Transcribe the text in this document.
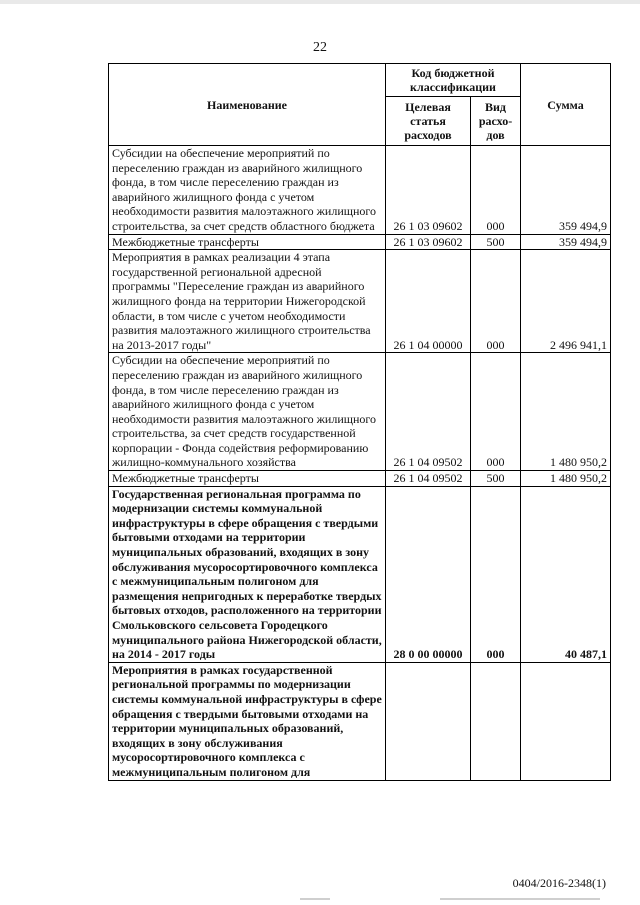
22
Наименование	Код бюджетной классификации		Сумма
	Целевая статья расходов	Вид расхо-дов	
Субсидии на обеспечение мероприятий по переселению граждан из аварийного жилищного фонда, в том числе переселению граждан из аварийного жилищного фонда с учетом необходимости развития малоэтажного жилищного строительства, за счет средств областного бюджета	26 1 03 09602	000	359 494,9
Межбюджетные трансферты	26 1 03 09602	500	359 494,9
Мероприятия в рамках реализации 4 этапа государственной региональной адресной программы "Переселение граждан из аварийного жилищного фонда на территории Нижегородской области, в том числе с учетом необходимости развития малоэтажного жилищного строительства на 2013-2017 годы"	26 1 04 00000	000	2 496 941,1
Субсидии на обеспечение мероприятий по переселению граждан из аварийного жилищного фонда, в том числе переселению граждан из аварийного жилищного фонда с учетом необходимости развития малоэтажного жилищного строительства, за счет средств государственной корпорации - Фонда содействия реформированию жилищно-коммунального хозяйства	26 1 04 09502	000	1 480 950,2
Межбюджетные трансферты	26 1 04 09502	500	1 480 950,2
Государственная региональная программа по модернизации системы коммунальной инфраструктуры в сфере обращения с твердыми бытовыми отходами на территории муниципальных образований, входящих в зону обслуживания мусоросортировочного комплекса с межмуниципальным полигоном для размещения непригодных к переработке твердых бытовых отходов, расположенного на территории Смольковского сельсовета Городецкого муниципального района Нижегородской области, на 2014 - 2017 годы	28 0 00 00000	000	40 487,1
Мероприятия в рамках государственной региональной программы по модернизации системы коммунальной инфраструктуры в сфере обращения с твердыми бытовыми отходами на территории муниципальных образований, входящих в зону обслуживания мусоросортировочного комплекса с межмуниципальным полигоном для			
0404/2016-2348(1)
